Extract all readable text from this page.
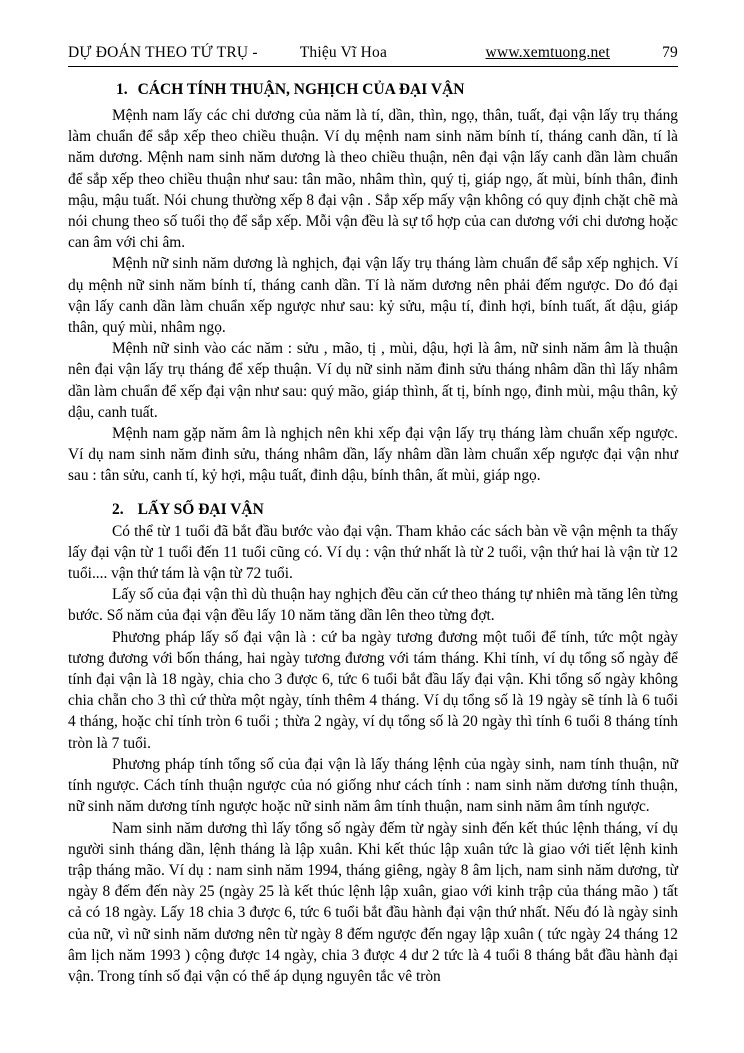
DỰ ĐOÁN THEO TỨ TRỤ -	Thiệu Vĩ Hoa	www.xemtuong.net	79
1. CÁCH TÍNH THUẬN, NGHỊCH CỦA ĐẠI VẬN

Mệnh nam lấy các chi dương của năm là tí, dần, thìn, ngọ, thân, tuất, đại vận lấy trụ tháng làm chuẩn để sắp xếp theo chiều thuận. Ví dụ mệnh nam sinh năm bính tí, tháng canh dần, tí là năm dương. Mệnh nam sinh năm dương là theo chiều thuận, nên đại vận lấy canh dần làm chuẩn để sắp xếp theo chiều thuận như sau: tân mão, nhâm thìn, quý tị, giáp ngọ, ất mùi, bính thân, đinh mậu, mậu tuất. Nói chung thường xếp 8 đại vận . Sắp xếp mấy vận không có quy định chặt chẽ mà nói chung theo số tuổi thọ để sắp xếp. Mỗi vận đều là sự tổ hợp của can dương với chi dương hoặc can âm với chi âm.

Mệnh nữ sinh năm dương là nghịch, đại vận lấy trụ tháng làm chuẩn để sắp xếp nghịch. Ví dụ mệnh nữ sinh năm bính tí, tháng canh dần. Tí là năm dương nên phải đếm ngược. Do đó đại vận lấy canh dần làm chuẩn xếp ngược như sau: kỷ sửu, mậu tí, đinh hợi, bính tuất, ất dậu, giáp thân, quý mùi, nhâm ngọ.

Mệnh nữ sinh vào các năm : sửu , mão, tị , mùi, dậu, hợi là âm, nữ sinh năm âm là thuận nên đại vận lấy trụ tháng để xếp thuận. Ví dụ nữ sinh năm đinh sửu tháng nhâm dần thì lấy nhâm dần làm chuẩn để xếp đại vận như sau: quý mão, giáp thình, ất tị, bính ngọ, đinh mùi, mậu thân, kỷ dậu, canh tuất.

Mệnh nam gặp năm âm là nghịch nên khi xếp đại vận lấy trụ tháng làm chuẩn xếp ngược. Ví dụ nam sinh năm đinh sửu, tháng nhâm dần, lấy nhâm dần làm chuẩn xếp ngược đại vận như sau : tân sửu, canh tí, kỷ hợi, mậu tuất, đinh dậu, bính thân, ất mùi, giáp ngọ.

2. LẤY SỐ ĐẠI VẬN

Có thể từ 1 tuổi đã bắt đầu bước vào đại vận. Tham khảo các sách bàn về vận mệnh ta thấy lấy đại vận từ 1 tuổi đến 11 tuổi cũng có. Ví dụ : vận thứ nhất là từ 2 tuổi, vận thứ hai là vận từ 12 tuổi.... vận thứ tám là vận từ 72 tuổi.

Lấy số của đại vận thì dù thuận hay nghịch đều căn cứ theo tháng tự nhiên mà tăng lên từng bước. Số năm của đại vận đều lấy 10 năm tăng dần lên theo từng đợt.

Phương pháp lấy số đại vận là : cứ ba ngày tương đương một tuổi để tính, tức một ngày tương đương với bốn tháng, hai ngày tương đương với tám tháng. Khi tính, ví dụ tổng số ngày để tính đại vận là 18 ngày, chia cho 3 được 6, tức 6 tuổi bắt đầu lấy đại vận. Khi tổng số ngày không chia chẵn cho 3 thì cứ thừa một ngày, tính thêm 4 tháng. Ví dụ tổng số là 19 ngày sẽ tính là 6 tuổi 4 tháng, hoặc chỉ tính tròn 6 tuổi ; thừa 2 ngày, ví dụ tổng số là 20 ngày thì tính 6 tuổi 8 tháng tính tròn là 7 tuổi.

Phương pháp tính tổng số của đại vận là lấy tháng lệnh của ngày sinh, nam tính thuận, nữ tính ngược. Cách tính thuận ngược của nó giống như cách tính : nam sinh năm dương tính thuận, nữ sinh năm dương tính ngược hoặc nữ sinh năm âm tính thuận, nam sinh năm âm tính ngược.

Nam sinh năm dương thì lấy tổng số ngày đếm từ ngày sinh đến kết thúc lệnh tháng, ví dụ người sinh tháng dần, lệnh tháng là lập xuân. Khi kết thúc lập xuân tức là giao với tiết lệnh kinh trập tháng mão. Ví dụ : nam sinh năm 1994, tháng giêng, ngày 8 âm lịch, nam sinh năm dương, từ ngày 8 đếm đến này 25 (ngày 25 là kết thúc lệnh lập xuân, giao với kinh trập của tháng mão ) tất cả có 18 ngày. Lấy 18 chia 3 được 6, tức 6 tuổi bắt đầu hành đại vận thứ nhất. Nếu đó là ngày sinh của nữ, vì nữ sinh năm dương nên từ ngày 8 đếm ngược đến ngay lập xuân ( tức ngày 24 tháng 12 âm lịch năm 1993 ) cộng được 14 ngày, chia 3 được 4 dư 2 tức là 4 tuổi 8 tháng bắt đầu hành đại vận. Trong tính số đại vận có thể áp dụng nguyên tắc vê tròn
